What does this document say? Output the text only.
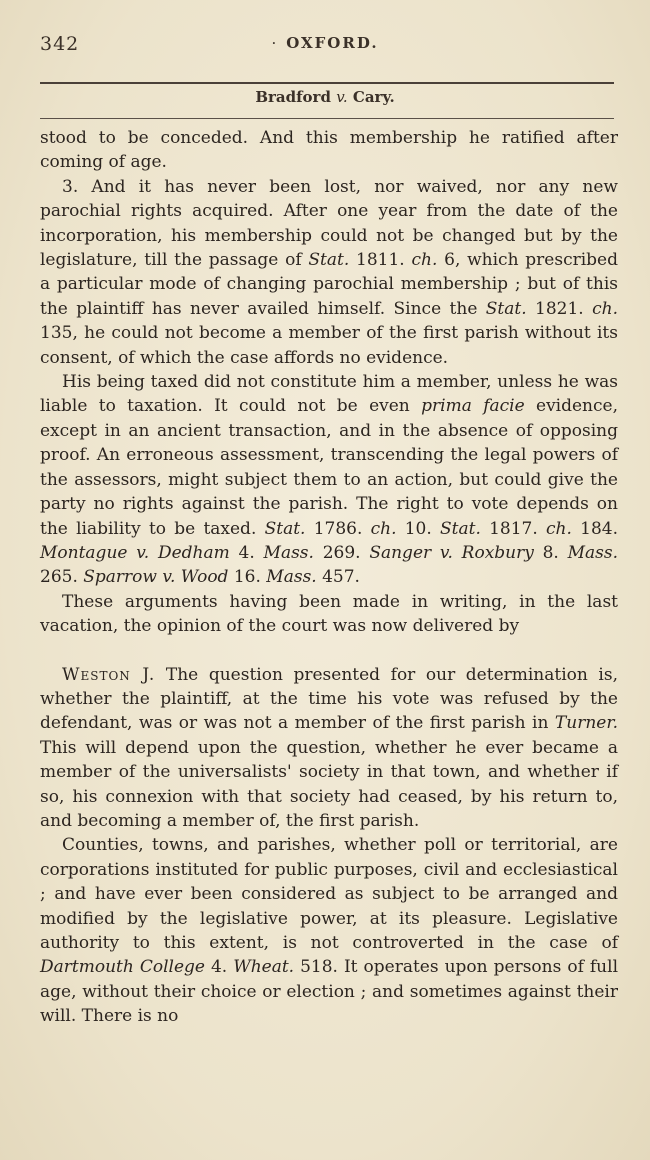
342	· OXFORD.
Bradford v. Cary.

stood to be conceded. And this membership he ratified after coming of age.

3. And it has never been lost, nor waived, nor any new parochial rights acquired. After one year from the date of the incorporation, his membership could not be changed but by the legislature, till the passage of Stat. 1811. ch. 6, which prescribed a particular mode of changing parochial membership ; but of this the plaintiff has never availed himself. Since the Stat. 1821. ch. 135, he could not become a member of the first parish without its consent, of which the case affords no evidence.

His being taxed did not constitute him a member, unless he was liable to taxation. It could not be even prima facie evidence, except in an ancient transaction, and in the absence of opposing proof. An erroneous assessment, transcending the legal powers of the assessors, might subject them to an action, but could give the party no rights against the parish. The right to vote depends on the liability to be taxed. Stat. 1786. ch. 10. Stat. 1817. ch. 184. Montague v. Dedham 4. Mass. 269. Sanger v. Roxbury 8. Mass. 265. Sparrow v. Wood 16. Mass. 457.

These arguments having been made in writing, in the last vacation, the opinion of the court was now delivered by

Weston J. The question presented for our determination is, whether the plaintiff, at the time his vote was refused by the defendant, was or was not a member of the first parish in Turner. This will depend upon the question, whether he ever became a member of the universalists' society in that town, and whether if so, his connexion with that society had ceased, by his return to, and becoming a member of, the first parish.

Counties, towns, and parishes, whether poll or territorial, are corporations instituted for public purposes, civil and ecclesiastical ; and have ever been considered as subject to be arranged and modified by the legislative power, at its pleasure. Legislative authority to this extent, is not controverted in the case of Dartmouth College 4. Wheat. 518. It operates upon persons of full age, without their choice or election ; and sometimes against their will. There is no
